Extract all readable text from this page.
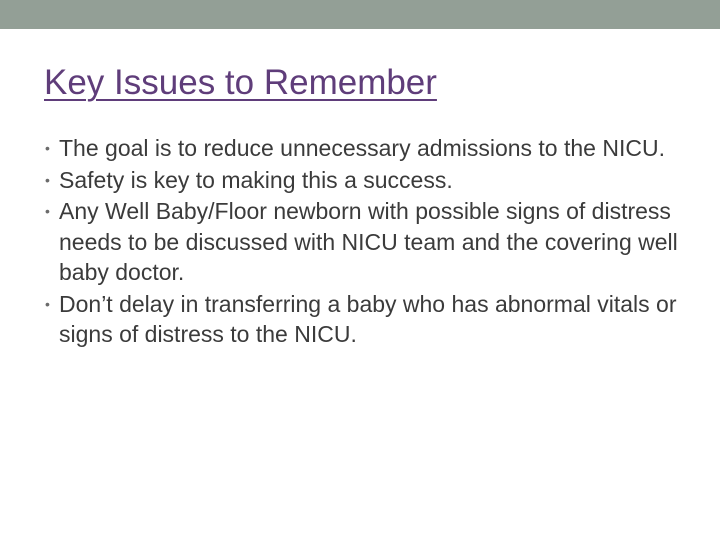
Key Issues to Remember
• The goal is to reduce unnecessary admissions to the NICU.
• Safety is key to making this a success.
• Any Well Baby/Floor newborn with possible signs of distress needs to be discussed with NICU team and the covering well baby doctor.
• Don’t delay in transferring a baby who has abnormal vitals or signs of distress to the NICU.
